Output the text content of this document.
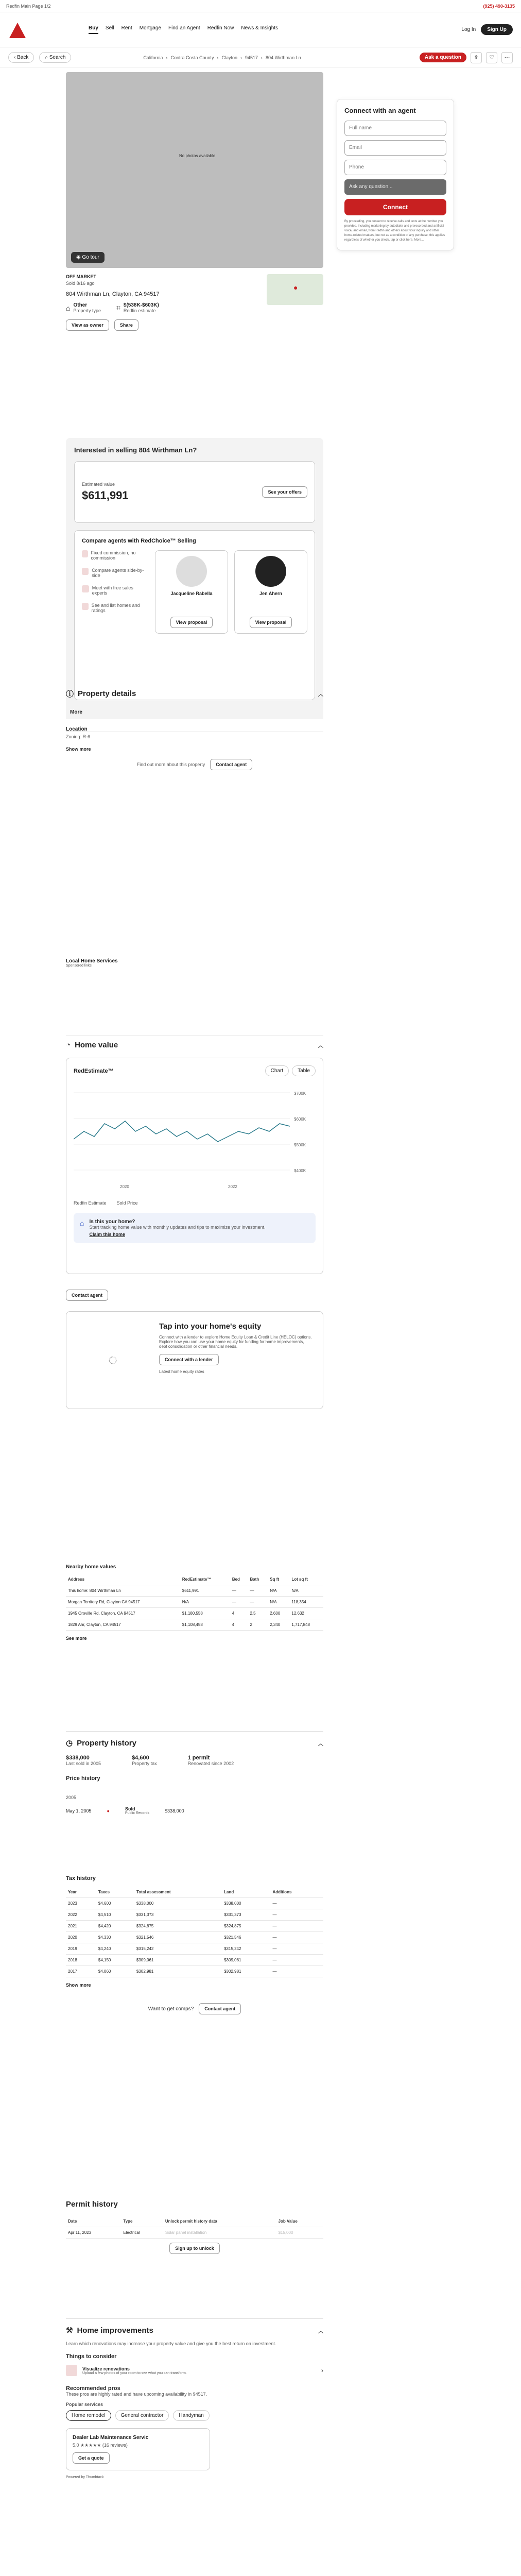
Redfin Main Page 1/2	(925) 490-3135
Buy Sell Rent Mortgage Find an Agent Redfin Now News & Insights	Log In	Sign Up
‹ Back	⌕ Search	California › Contra Costa County › Clayton › 94517 › 804 Wirthman Ln	Ask a question	⇪	♡	⋯
No photos available
◉ Go tour
OFF MARKET
Sold 8/16 ago
804 Wirthman Ln, Clayton, CA 94517
⌂ Other
Property type ⌗ $(538K-$603K)
Redfin estimate
●
View as owner	Share
Connect with an agent
Full name
Email
Phone
Ask any question...
Connect
By proceeding, you consent to receive calls and texts at the number you provided, including marketing by autodialer and prerecorded and artificial voice, and email, from Redfin and others about your inquiry and other home-related matters, but not as a condition of any purchase; this applies regardless of whether you check, tap or click here. More...
Interested in selling 804 Wirthman Ln?
Estimated value
$611,991	See your offers
Compare agents with RedChoice™ Selling
Fixed commission, no commission
Compare agents side-by-side
Meet with free sales experts
See and list homes and ratings
Jacqueline Rabella
View proposal
Jen Ahern
View proposal
ⓘ Property details	︿
More
Location
Zoning: R-6
Show more
Find out more about this property	Contact agent
Local Home Services
Sponsored links
◔ Home value	︿
RedEstimate™	Chart	Table
$700K
$600K
$500K
$400K
2020	2022
Redfin Estimate Sold Price
⌂ Is this your home?
Start tracking home value with monthly updates and tips to maximize your investment.
Claim this home
Contact agent
◌
Tap into your home's equity
Connect with a lender to explore Home Equity Loan & Credit Line (HELOC) options. Explore how you can use your home equity for funding for home improvements, debt consolidation or other financial needs.
Connect with a lender
Latest home equity rates
Nearby home values
Address	RedEstimate™	Bed	Bath	Sq ft	Lot sq ft
This home: 804 Wirthman Ln	$611,991	—	—	N/A	N/A
Morgan Territory Rd, Clayton CA 94517	N/A	—	—	N/A	118,354
1945 Oroville Rd, Clayton, CA 94517	$1,180,558	4	2.5	2,600	12,632
1829 Ahr, Clayton, CA 94517	$1,108,458	4	2	2,340	1,717,848
See more
◷ Property history	︿
$338,000
Last sold in 2005
$4,600
Property tax
1 permit
Renovated since 2002
Price history
2005
May 1, 2005	●	Sold
Public Records	$338,000
Tax history
Year	Taxes	Total assessment	Land	Additions
2023	$4,600	$338,000	$338,000	—
2022	$4,510	$331,373	$331,373	—
2021	$4,420	$324,875	$324,875	—
2020	$4,330	$321,546	$321,546	—
2019	$4,240	$315,242	$315,242	—
2018	$4,150	$309,061	$309,061	—
2017	$4,060	$302,981	$302,981	—
Show more
Want to get comps?	Contact agent
Permit history
Date	Type	Unlock permit history data	Job Value
Apr 11, 2023	Electrical	Solar panel installation	$15,000
Sign up to unlock
⚒ Home improvements	︿
Learn which renovations may increase your property value and give you the best return on investment.
Things to consider
Visualize renovations
Upload a few photos of your room to see what you can transform.	›
Recommended pros
These pros are highly rated and have upcoming availability in 94517.
Popular services
Home remodel	General contractor	Handyman
Dealer Lab Maintenance Servic
5.0 ★★★★★ (16 reviews)
Get a quote
Powered by Thumbtack
